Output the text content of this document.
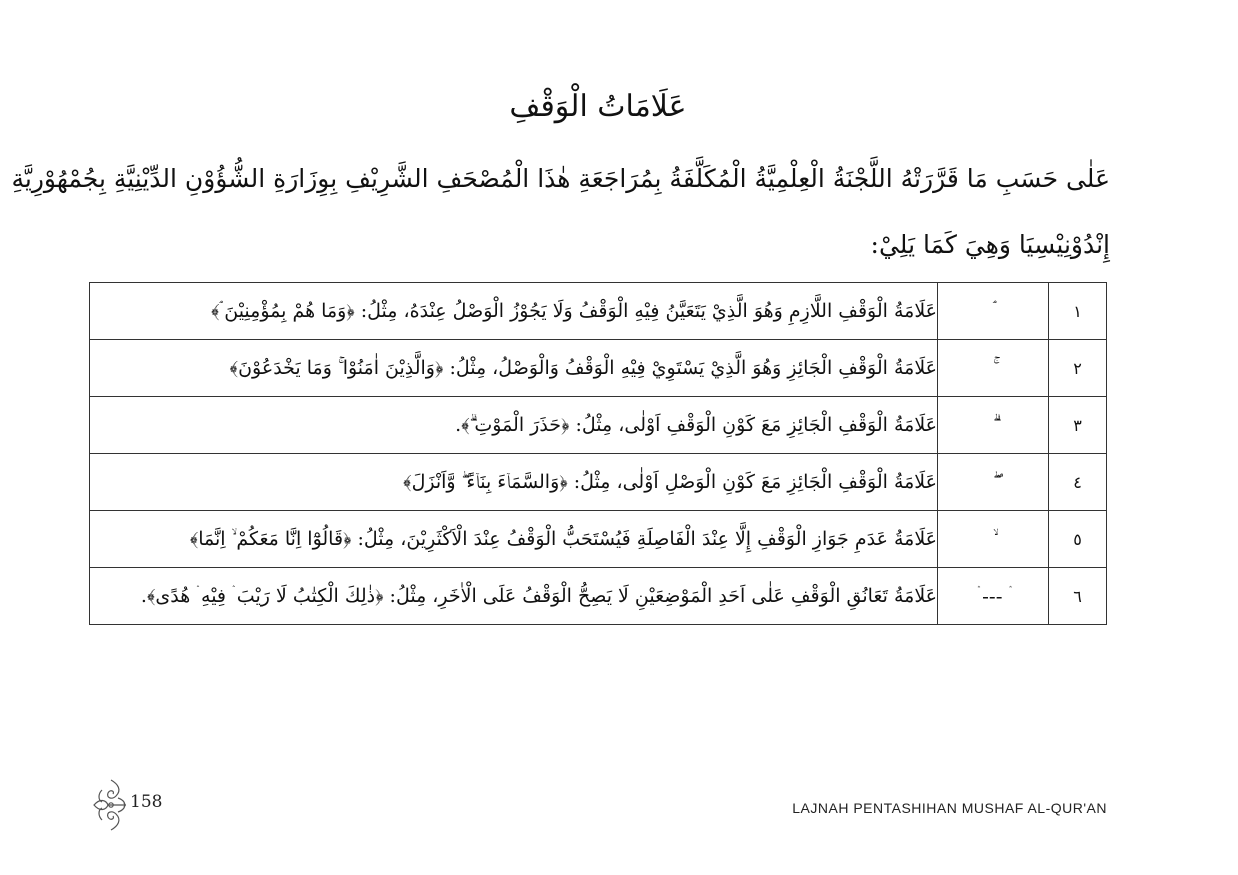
عَلَامَاتُ الْوَقْفِ

عَلٰى حَسَبِ مَا قَرَّرَتْهُ اللَّجْنَةُ الْعِلْمِيَّةُ الْمُكَلَّفَةُ بِمُرَاجَعَةِ هٰذَا الْمُصْحَفِ الشَّرِيْفِ بِوِزَارَةِ الشُّؤُوْنِ الدِّيْنِيَّةِ بِجُمْهُوْرِيَّةِ
إِنْدُوْنِيْسِيَا وَهِيَ كَمَا يَلِيْ:

١		عَلَامَةُ الْوَقْفِ اللَّازِمِ وَهُوَ الَّذِيْ يَتَعَيَّنُ فِيْهِ الْوَقْفُ وَلَا يَجُوْزُ الْوَصْلُ عِنْدَهُ، مِثْلُ: ﴿وَمَا هُمْ بِمُؤْمِنِيْنَ ۘ﴾
٢		عَلَامَةُ الْوَقْفِ الْجَائِزِ وَهُوَ الَّذِيْ يَسْتَوِيْ فِيْهِ الْوَقْفُ وَالْوَصْلُ، مِثْلُ: ﴿وَالَّذِيْنَ اٰمَنُوْا ۚ وَمَا يَخْدَعُوْنَ﴾
٣		عَلَامَةُ الْوَقْفِ الْجَائِزِ مَعَ كَوْنِ الْوَقْفِ اَوْلٰى، مِثْلُ: ﴿حَذَرَ الْمَوْتِ ۗ﴾.
٤		عَلَامَةُ الْوَقْفِ الْجَائِزِ مَعَ كَوْنِ الْوَصْلِ اَوْلٰى، مِثْلُ: ﴿وَالسَّمَاۤءَ بِنَاۤءً ۖ وَّاَنْزَلَ﴾
٥		عَلَامَةُ عَدَمِ جَوَازِ الْوَقْفِ إِلَّا عِنْدَ الْفَاصِلَةِ فَيُسْتَحَبُّ الْوَقْفُ عِنْدَ الْاَكْثَرِيْنَ، مِثْلُ: ﴿قَالُوْٓا اِنَّا مَعَكُمْ ۙ اِنَّمَا﴾
٦	ۛ --- ۛ	عَلَامَةُ تَعَانُقِ الْوَقْفِ عَلٰى اَحَدِ الْمَوْضِعَيْنِ لَا يَصِحُّ الْوَقْفُ عَلَى الْاٰخَرِ، مِثْلُ: ﴿ذٰلِكَ الْكِتٰبُ لَا رَيْبَ ۛ فِيْهِ ۛ هُدًى﴾.
158	LAJNAH PENTASHIHAN MUSHAF AL-QUR'AN
